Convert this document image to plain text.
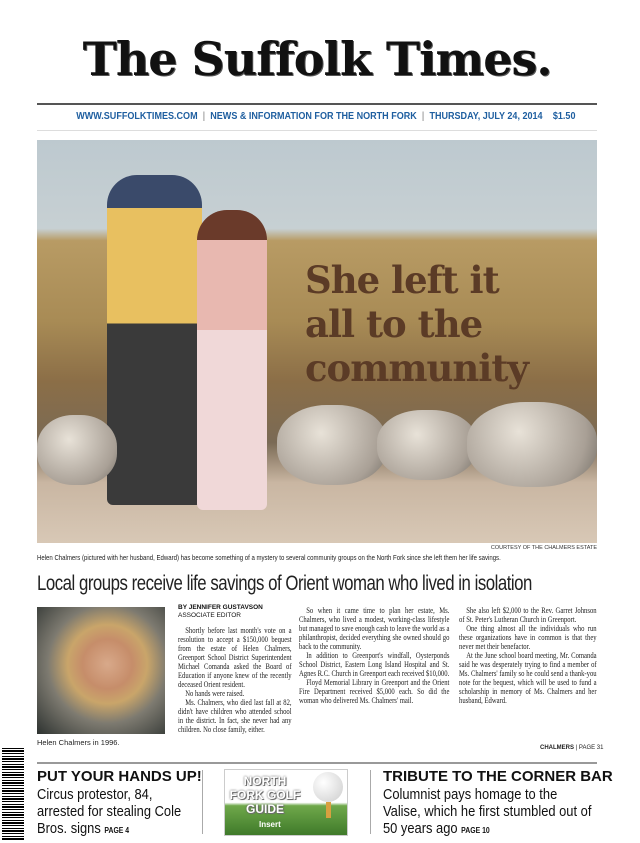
The Suffolk Times.
WWW.SUFFOLKTIMES.COM | NEWS & INFORMATION FOR THE NORTH FORK | THURSDAY, JULY 24, 2014 $1.50
She left it
all to the
community
COURTESY OF THE CHALMERS ESTATE
Helen Chalmers (pictured with her husband, Edward) has become something of a mystery to several community groups on the North Fork since she left them her life savings.
Local groups receive life savings of Orient woman who lived in isolation
Helen Chalmers in 1996.
BY JENNIFER GUSTAVSON
ASSOCIATE EDITOR

Shortly before last month's vote on a resolution to accept a $150,000 bequest from the estate of Helen Chalmers, Greenport School District Superintendent Michael Comanda asked the Board of Education if anyone knew of the recently deceased Orient resident.

No hands were raised.

Ms. Chalmers, who died last fall at 82, didn't have children who attended school in the district. In fact, she never had any children. No close family, either.

So when it came time to plan her estate, Ms. Chalmers, who lived a modest, working-class lifestyle but managed to save enough cash to leave the world as a philanthropist, decided everything she owned should go back to the community.

In addition to Greenport's windfall, Oysterponds School District, Eastern Long Island Hospital and St. Agnes R.C. Church in Greenport each received $10,000.

Floyd Memorial Library in Greenport and the Orient Fire Department received $5,000 each. So did the woman who delivered Ms. Chalmers' mail.

She also left $2,000 to the Rev. Garret Johnson of St. Peter's Lutheran Church in Greenport.

One thing almost all the individuals who run these organizations have in common is that they never met their benefactor.

At the June school board meeting, Mr. Comanda said he was desperately trying to find a member of Ms. Chalmers' family so he could send a thank-you note for the bequest, which will be used to fund a scholarship in memory of Ms. Chalmers and her husband, Edward.

CHALMERS | PAGE 31
PUT YOUR HANDS UP!
Circus protestor, 84, arrested for stealing Cole Bros. signs PAGE 4
NORTH FORK GOLF GUIDE
Insert
TRIBUTE TO THE CORNER BAR
Columnist pays homage to the Valise, which he first stumbled out of 50 years ago PAGE 10
